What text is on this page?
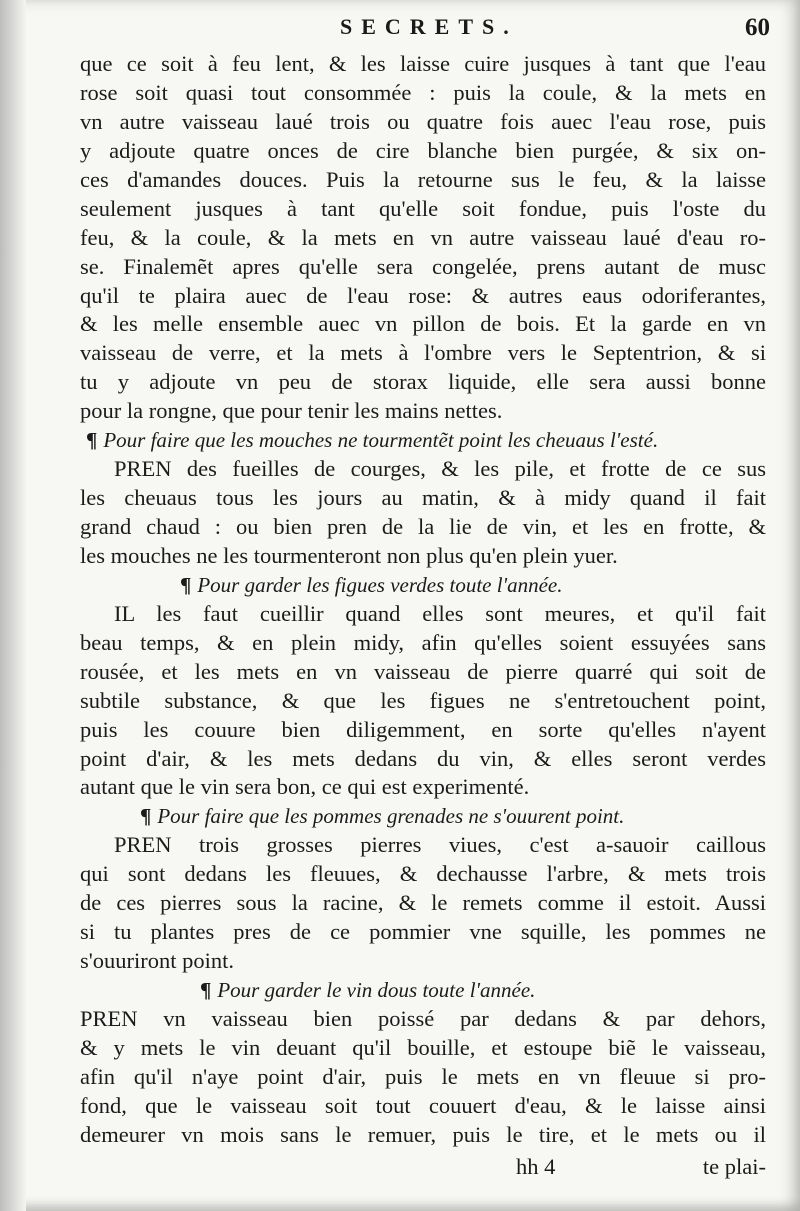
SECRETS.	60
que ce soit à feu lent, & les laisse cuire jusques à tant que l'eau
rose soit quasi tout consommée : puis la coule, & la mets en
vn autre vaisseau laué trois ou quatre fois auec l'eau rose, puis
y adjoute quatre onces de cire blanche bien purgée, & six on-
ces d'amandes douces. Puis la retourne sus le feu, & la laisse
seulement jusques à tant qu'elle soit fondue, puis l'oste du
feu, & la coule, & la mets en vn autre vaisseau laué d'eau ro-
se. Finalemẽt apres qu'elle sera congelée, prens autant de musc
qu'il te plaira auec de l'eau rose: & autres eaus odoriferantes,
& les melle ensemble auec vn pillon de bois. Et la garde en vn
vaisseau de verre, et la mets à l'ombre vers le Septentrion, & si
tu y adjoute vn peu de storax liquide, elle sera aussi bonne
pour la rongne, que pour tenir les mains nettes.
¶ Pour faire que les mouches ne tourmentẽt point les cheuaus l'esté.
PREN des fueilles de courges, & les pile, et frotte de ce sus
les cheuaus tous les jours au matin, & à midy quand il fait
grand chaud : ou bien pren de la lie de vin, et les en frotte, &
les mouches ne les tourmenteront non plus qu'en plein yuer.
¶ Pour garder les figues verdes toute l'année.
IL les faut cueillir quand elles sont meures, et qu'il fait
beau temps, & en plein midy, afin qu'elles soient essuyées sans
rousée, et les mets en vn vaisseau de pierre quarré qui soit de
subtile substance, & que les figues ne s'entretouchent point,
puis les couure bien diligemment, en sorte qu'elles n'ayent
point d'air, & les mets dedans du vin, & elles seront verdes
autant que le vin sera bon, ce qui est experimenté.
¶ Pour faire que les pommes grenades ne s'ouurent point.
PREN trois grosses pierres viues, c'est a-sauoir caillous
qui sont dedans les fleuues, & dechausse l'arbre, & mets trois
de ces pierres sous la racine, & le remets comme il estoit. Aussi
si tu plantes pres de ce pommier vne squille, les pommes ne
s'ouuriront point.
¶ Pour garder le vin dous toute l'année.
PREN vn vaisseau bien poissé par dedans & par dehors,
& y mets le vin deuant qu'il bouille, et estoupe biẽ le vaisseau,
afin qu'il n'aye point d'air, puis le mets en vn fleuue si pro-
fond, que le vaisseau soit tout couuert d'eau, & le laisse ainsi
demeurer vn mois sans le remuer, puis le tire, et le mets ou il
hh 4	te plai-
